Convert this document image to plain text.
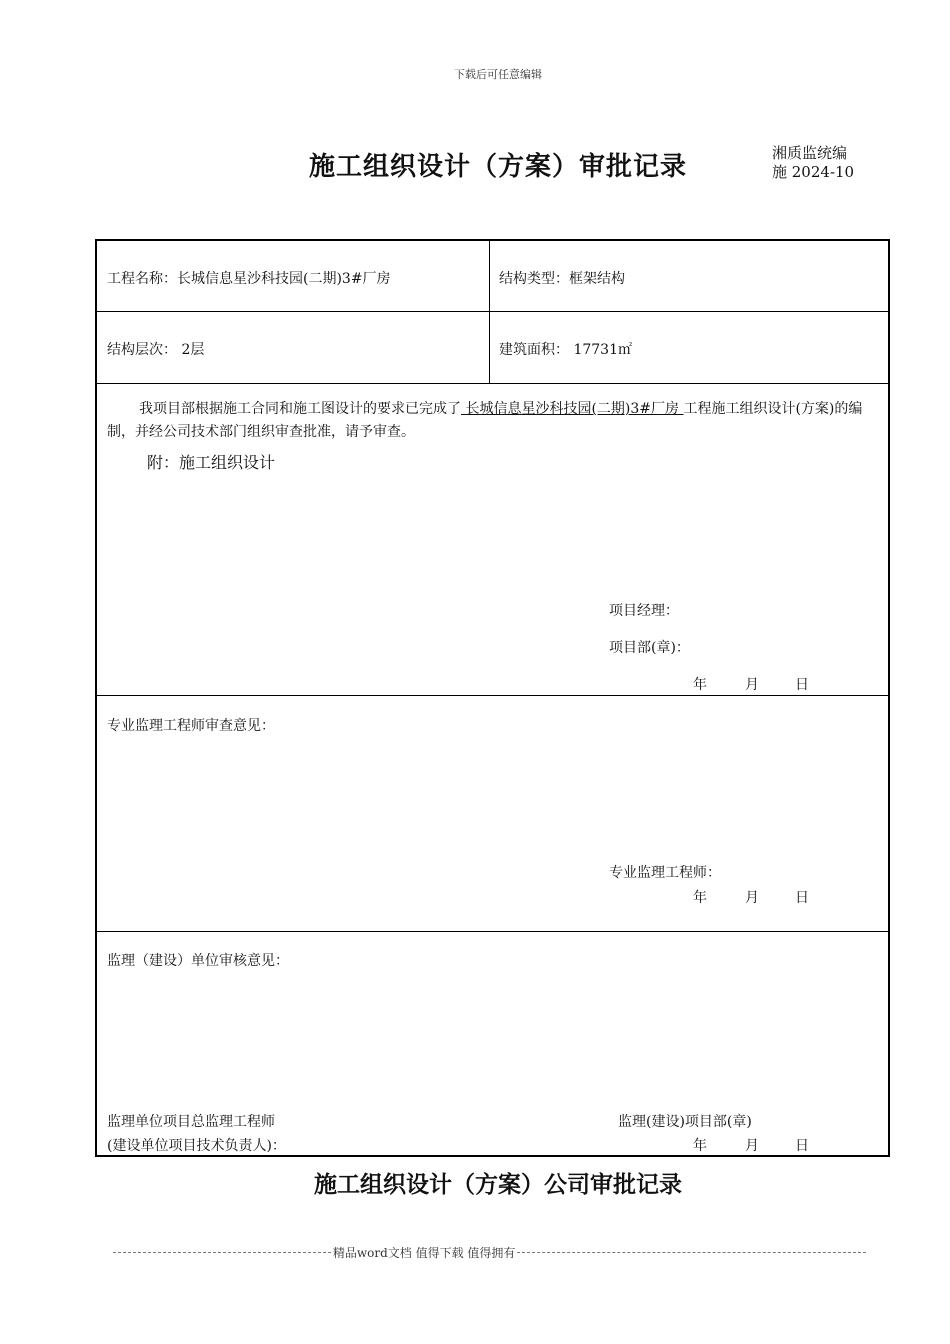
下载后可任意编辑
施工组织设计（方案）审批记录	湘质监统编
施 2024-10
工程名称：长城信息星沙科技园(二期)3#厂房	结构类型：框架结构
结构层次： 2层	建筑面积： 17731㎡
我项目部根据施工合同和施工图设计的要求已完成了 长城信息星沙科技园(二期)3#厂房 工程施工组织设计(方案)的编制，并经公司技术部门组织审查批准，请予审查。
附：施工组织设计
项目经理：
项目部(章)：
年	月	日
专业监理工程师审查意见：
专业监理工程师：
年	月	日
监理（建设）单位审核意见：
监理单位项目总监理工程师
(建设单位项目技术负责人)：
监理(建设)项目部(章)
年	月	日
施工组织设计（方案）公司审批记录
精品word文档 值得下载 值得拥有
